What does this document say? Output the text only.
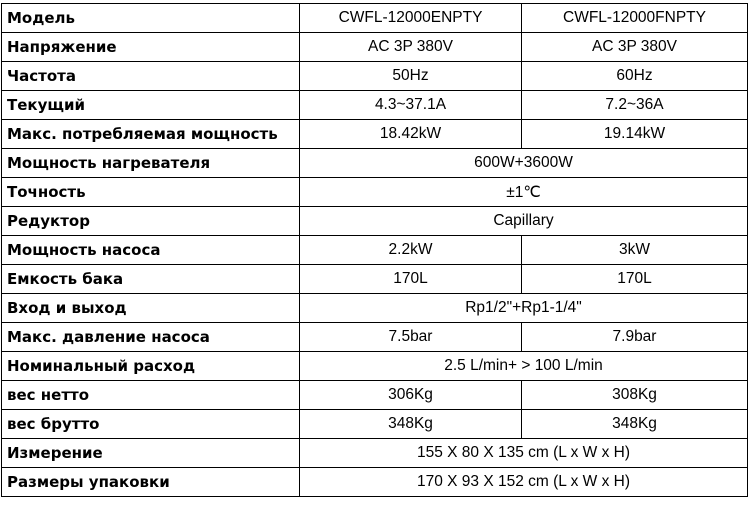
Модель	CWFL-12000ENPTY	CWFL-12000FNPTY
Напряжение	AC 3P 380V	AC 3P 380V
Частота	50Hz	60Hz
Текущий	4.3~37.1A	7.2~36A
Макс. потребляемая мощность	18.42kW	19.14kW
Мощность нагревателя	600W+3600W	
Точность	±1℃	
Редуктор	Capillary	
Мощность насоса	2.2kW	3kW
Емкость бака	170L	170L
Вход и выход	Rp1/2"+Rp1-1/4"	
Макс. давление насоса	7.5bar	7.9bar
Номинальный расход	2.5 L/min+ > 100 L/min	
вес нетто	306Kg	308Kg
вес брутто	348Kg	348Kg
Измерение	155 X 80 X 135 cm (L x W x H)	
Размеры упаковки	170 X 93 X 152 cm (L x W x H)	
